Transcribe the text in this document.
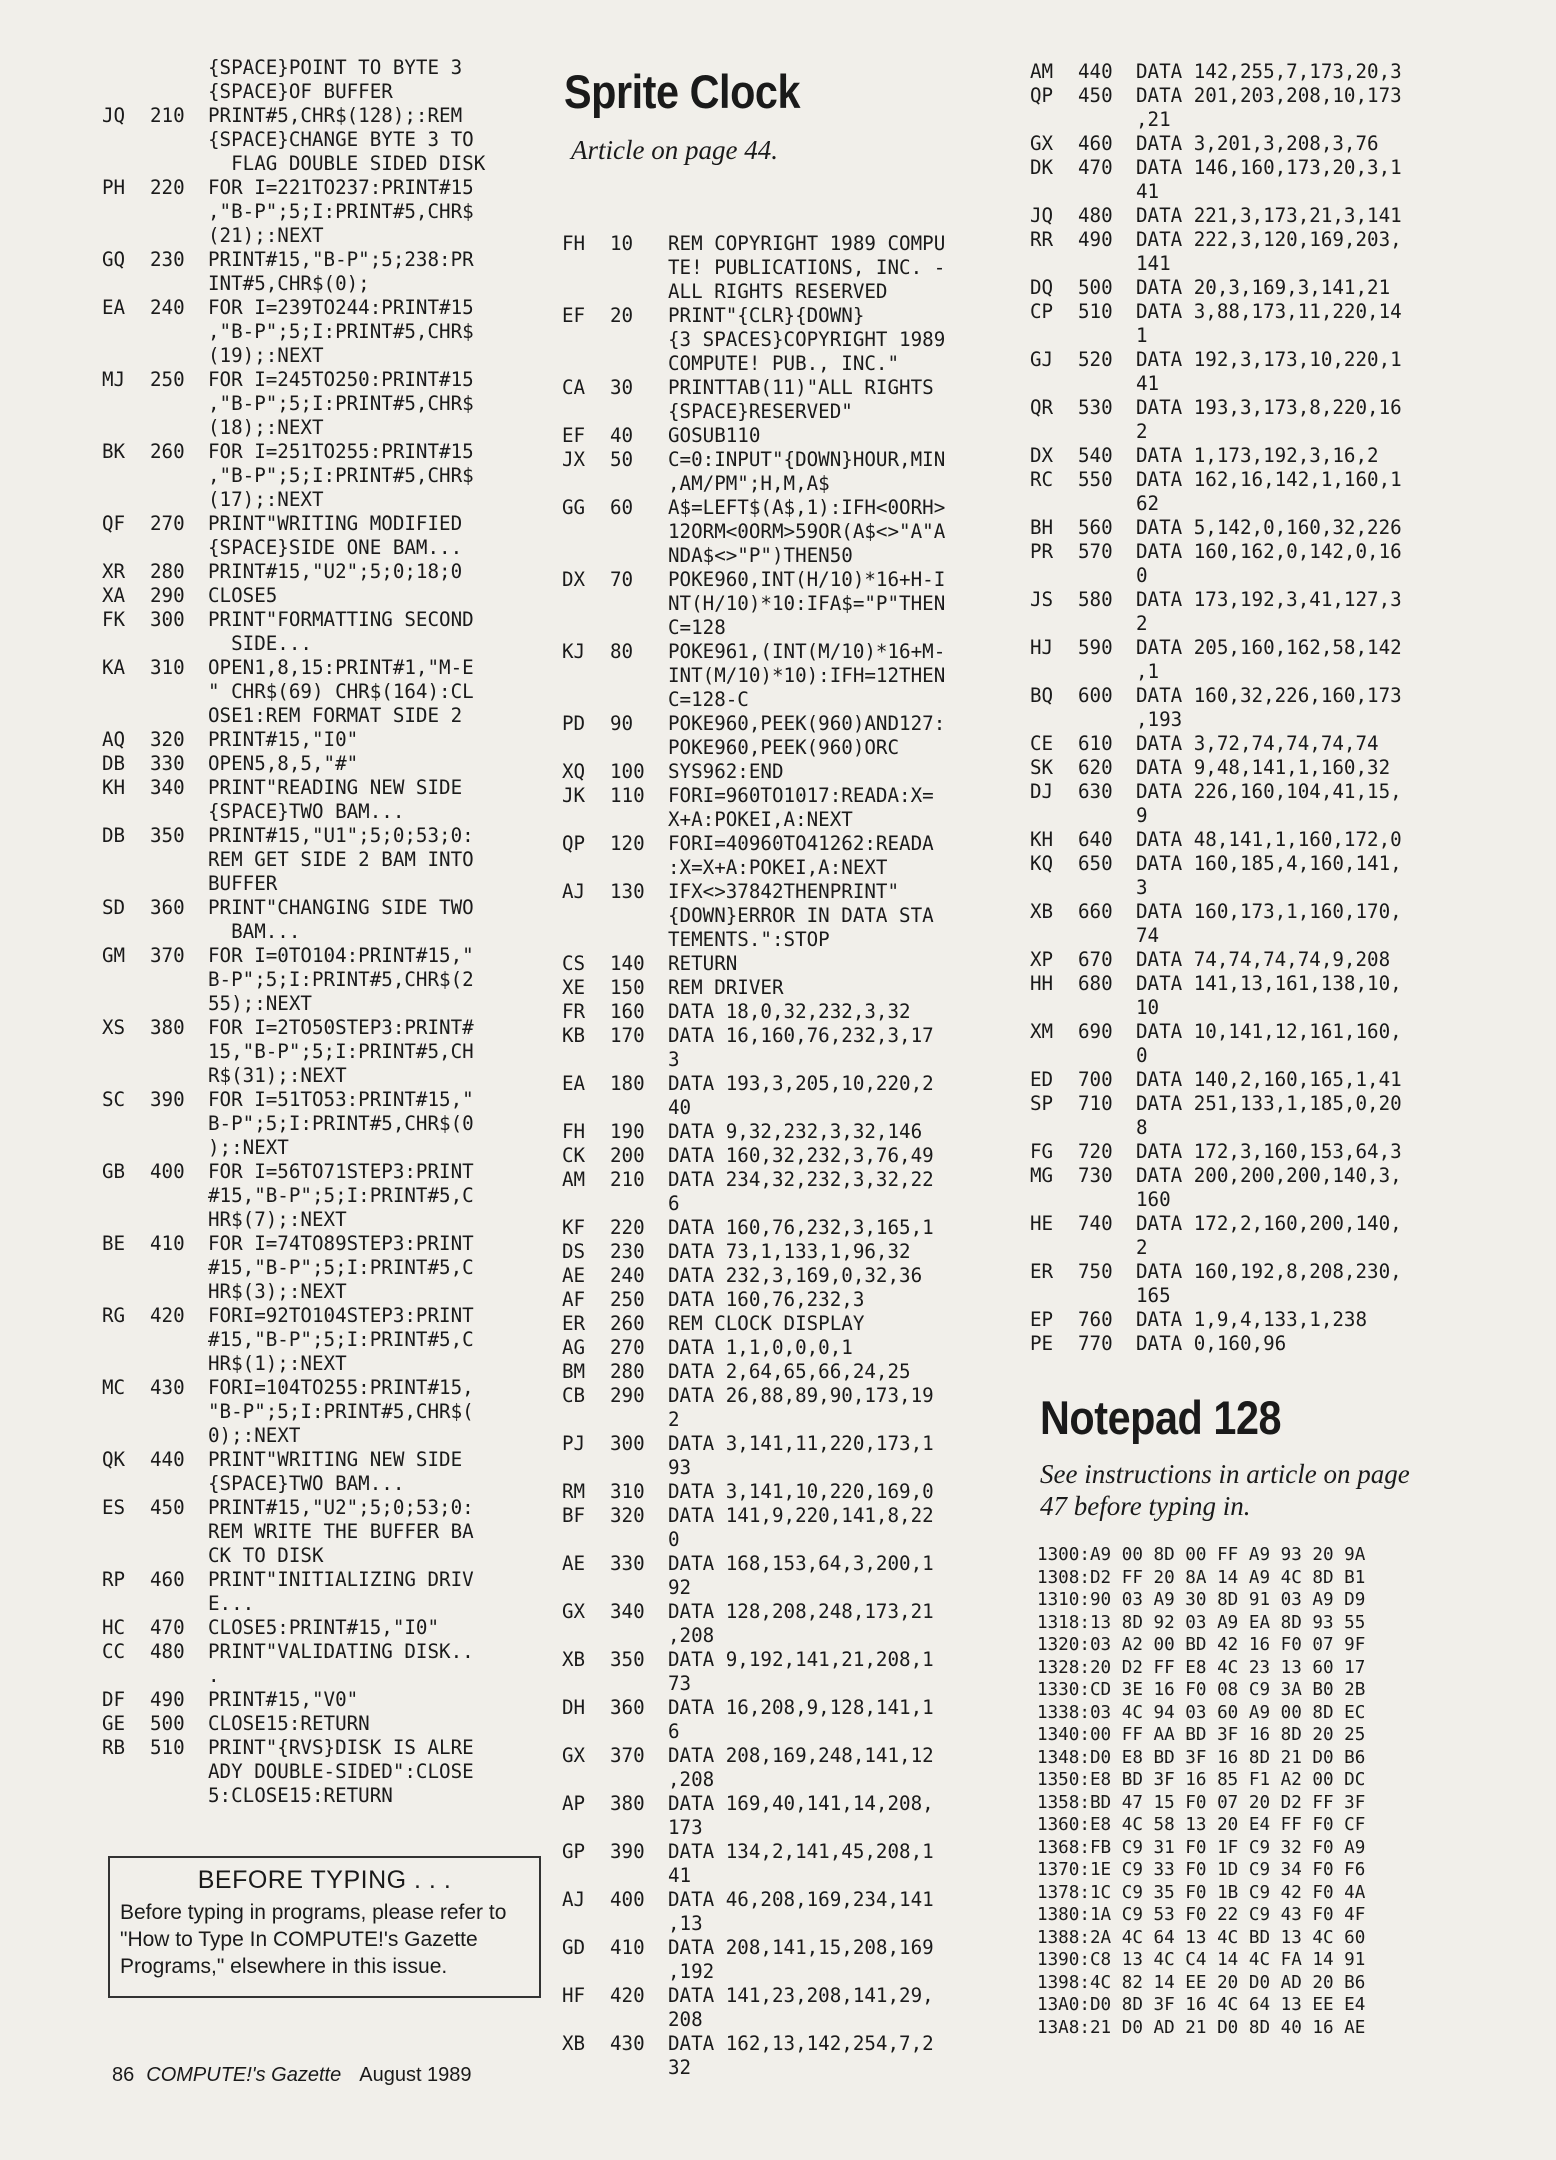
{SPACE}POINT TO BYTE 3
{SPACE}OF BUFFER
JQ	210	PRINT#5,CHR$(128);:REM
{SPACE}CHANGE BYTE 3 TO
FLAG DOUBLE SIDED DISK
PH	220	FOR I=221TO237:PRINT#15
,"B-P";5;I:PRINT#5,CHR$
(21);:NEXT
GQ	230	PRINT#15,"B-P";5;238:PR
INT#5,CHR$(0);
EA	240	FOR I=239TO244:PRINT#15
,"B-P";5;I:PRINT#5,CHR$
(19);:NEXT
MJ	250	FOR I=245TO250:PRINT#15
,"B-P";5;I:PRINT#5,CHR$
(18);:NEXT
BK	260	FOR I=251TO255:PRINT#15
,"B-P";5;I:PRINT#5,CHR$
(17);:NEXT
QF	270	PRINT"WRITING MODIFIED
{SPACE}SIDE ONE BAM...
XR	280	PRINT#15,"U2";5;0;18;0
XA	290	CLOSE5
FK	300	PRINT"FORMATTING SECOND
SIDE...
KA	310	OPEN1,8,15:PRINT#1,"M-E
" CHR$(69) CHR$(164):CL
OSE1:REM FORMAT SIDE 2
AQ	320	PRINT#15,"I0"
DB	330	OPEN5,8,5,"#"
KH	340	PRINT"READING NEW SIDE
{SPACE}TWO BAM...
DB	350	PRINT#15,"U1";5;0;53;0:
REM GET SIDE 2 BAM INTO
BUFFER
SD	360	PRINT"CHANGING SIDE TWO
BAM...
GM	370	FOR I=0TO104:PRINT#15,"
B-P";5;I:PRINT#5,CHR$(2
55);:NEXT
XS	380	FOR I=2TO50STEP3:PRINT#
15,"B-P";5;I:PRINT#5,CH
R$(31);:NEXT
SC	390	FOR I=51TO53:PRINT#15,"
B-P";5;I:PRINT#5,CHR$(0
);:NEXT
GB	400	FOR I=56TO71STEP3:PRINT
#15,"B-P";5;I:PRINT#5,C
HR$(7);:NEXT
BE	410	FOR I=74TO89STEP3:PRINT
#15,"B-P";5;I:PRINT#5,C
HR$(3);:NEXT
RG	420	FORI=92TO104STEP3:PRINT
#15,"B-P";5;I:PRINT#5,C
HR$(1);:NEXT
MC	430	FORI=104TO255:PRINT#15,
"B-P";5;I:PRINT#5,CHR$(
0);:NEXT
QK	440	PRINT"WRITING NEW SIDE
{SPACE}TWO BAM...
ES	450	PRINT#15,"U2";5;0;53;0:
REM WRITE THE BUFFER BA
CK TO DISK
RP	460	PRINT"INITIALIZING DRIV
E...
HC	470	CLOSE5:PRINT#15,"I0"
CC	480	PRINT"VALIDATING DISK..
.
DF	490	PRINT#15,"V0"
GE	500	CLOSE15:RETURN
RB	510	PRINT"{RVS}DISK IS ALRE
ADY DOUBLE-SIDED":CLOSE
5:CLOSE15:RETURN
Sprite Clock

Article on page 44.

FH	10	REM COPYRIGHT 1989 COMPU
TE! PUBLICATIONS, INC. -
ALL RIGHTS RESERVED
EF	20	PRINT"{CLR}{DOWN}
{3 SPACES}COPYRIGHT 1989
COMPUTE! PUB., INC."
CA	30	PRINTTAB(11)"ALL RIGHTS
{SPACE}RESERVED"
EF	40	GOSUB110
JX	50	C=0:INPUT"{DOWN}HOUR,MIN
,AM/PM";H,M,A$
GG	60	A$=LEFT$(A$,1):IFH<0ORH>
12ORM<0ORM>59OR(A$<>"A"A
NDA$<>"P")THEN50
DX	70	POKE960,INT(H/10)*16+H-I
NT(H/10)*10:IFA$="P"THEN
C=128
KJ	80	POKE961,(INT(M/10)*16+M-
INT(M/10)*10):IFH=12THEN
C=128-C
PD	90	POKE960,PEEK(960)AND127:
POKE960,PEEK(960)ORC
XQ	100	SYS962:END
JK	110	FORI=960TO1017:READA:X=
X+A:POKEI,A:NEXT
QP	120	FORI=40960TO41262:READA
:X=X+A:POKEI,A:NEXT
AJ	130	IFX<>37842THENPRINT"
{DOWN}ERROR IN DATA STA
TEMENTS.":STOP
CS	140	RETURN
XE	150	REM DRIVER
FR	160	DATA 18,0,32,232,3,32
KB	170	DATA 16,160,76,232,3,17
3
EA	180	DATA 193,3,205,10,220,2
40
FH	190	DATA 9,32,232,3,32,146
CK	200	DATA 160,32,232,3,76,49
AM	210	DATA 234,32,232,3,32,22
6
KF	220	DATA 160,76,232,3,165,1
DS	230	DATA 73,1,133,1,96,32
AE	240	DATA 232,3,169,0,32,36
AF	250	DATA 160,76,232,3
ER	260	REM CLOCK DISPLAY
AG	270	DATA 1,1,0,0,0,1
BM	280	DATA 2,64,65,66,24,25
CB	290	DATA 26,88,89,90,173,19
2
PJ	300	DATA 3,141,11,220,173,1
93
RM	310	DATA 3,141,10,220,169,0
BF	320	DATA 141,9,220,141,8,22
0
AE	330	DATA 168,153,64,3,200,1
92
GX	340	DATA 128,208,248,173,21
,208
XB	350	DATA 9,192,141,21,208,1
73
DH	360	DATA 16,208,9,128,141,1
6
GX	370	DATA 208,169,248,141,12
,208
AP	380	DATA 169,40,141,14,208,
173
GP	390	DATA 134,2,141,45,208,1
41
AJ	400	DATA 46,208,169,234,141
,13
GD	410	DATA 208,141,15,208,169
,192
HF	420	DATA 141,23,208,141,29,
208
XB	430	DATA 162,13,142,254,7,2
32
AM	440	DATA 142,255,7,173,20,3
QP	450	DATA 201,203,208,10,173
,21
GX	460	DATA 3,201,3,208,3,76
DK	470	DATA 146,160,173,20,3,1
41
JQ	480	DATA 221,3,173,21,3,141
RR	490	DATA 222,3,120,169,203,
141
DQ	500	DATA 20,3,169,3,141,21
CP	510	DATA 3,88,173,11,220,14
1
GJ	520	DATA 192,3,173,10,220,1
41
QR	530	DATA 193,3,173,8,220,16
2
DX	540	DATA 1,173,192,3,16,2
RC	550	DATA 162,16,142,1,160,1
62
BH	560	DATA 5,142,0,160,32,226
PR	570	DATA 160,162,0,142,0,16
0
JS	580	DATA 173,192,3,41,127,3
2
HJ	590	DATA 205,160,162,58,142
,1
BQ	600	DATA 160,32,226,160,173
,193
CE	610	DATA 3,72,74,74,74,74
SK	620	DATA 9,48,141,1,160,32
DJ	630	DATA 226,160,104,41,15,
9
KH	640	DATA 48,141,1,160,172,0
KQ	650	DATA 160,185,4,160,141,
3
XB	660	DATA 160,173,1,160,170,
74
XP	670	DATA 74,74,74,74,9,208
HH	680	DATA 141,13,161,138,10,
10
XM	690	DATA 10,141,12,161,160,
0
ED	700	DATA 140,2,160,165,1,41
SP	710	DATA 251,133,1,185,0,20
8
FG	720	DATA 172,3,160,153,64,3
MG	730	DATA 200,200,200,140,3,
160
HE	740	DATA 172,2,160,200,140,
2
ER	750	DATA 160,192,8,208,230,
165
EP	760	DATA 1,9,4,133,1,238
PE	770	DATA 0,160,96
Notepad 128

See instructions in article on page

47 before typing in.

1300:A9 00 8D 00 FF A9 93 20 9A
1308:D2 FF 20 8A 14 A9 4C 8D B1
1310:90 03 A9 30 8D 91 03 A9 D9
1318:13 8D 92 03 A9 EA 8D 93 55
1320:03 A2 00 BD 42 16 F0 07 9F
1328:20 D2 FF E8 4C 23 13 60 17
1330:CD 3E 16 F0 08 C9 3A B0 2B
1338:03 4C 94 03 60 A9 00 8D EC
1340:00 FF AA BD 3F 16 8D 20 25
1348:D0 E8 BD 3F 16 8D 21 D0 B6
1350:E8 BD 3F 16 85 F1 A2 00 DC
1358:BD 47 15 F0 07 20 D2 FF 3F
1360:E8 4C 58 13 20 E4 FF F0 CF
1368:FB C9 31 F0 1F C9 32 F0 A9
1370:1E C9 33 F0 1D C9 34 F0 F6
1378:1C C9 35 F0 1B C9 42 F0 4A
1380:1A C9 53 F0 22 C9 43 F0 4F
1388:2A 4C 64 13 4C BD 13 4C 60
1390:C8 13 4C C4 14 4C FA 14 91
1398:4C 82 14 EE 20 D0 AD 20 B6
13A0:D0 8D 3F 16 4C 64 13 EE E4
13A8:21 D0 AD 21 D0 8D 40 16 AE
BEFORE TYPING . . .

Before typing in programs, please refer to "How to Type In COMPUTE!'s Gazette Programs," elsewhere in this issue.

86 COMPUTE!'s Gazette August 1989
